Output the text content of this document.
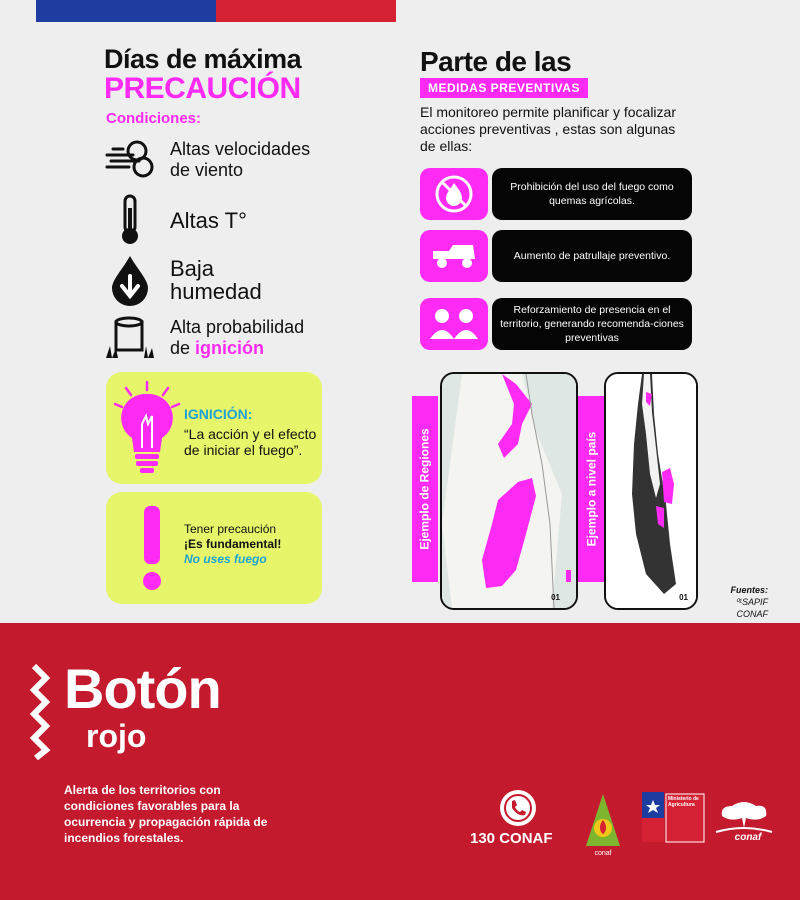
Días de máxima
PRECAUCIÓN
Condiciones:
Altas velocidades
de viento
Altas T°
Baja
humedad
Alta probabilidad
de ignición
IGNICIÓN:
“La acción y el efecto de iniciar el fuego”.
Tener precaución
¡Es fundamental!
No uses fuego
Parte de las
MEDIDAS PREVENTIVAS
El monitoreo permite planificar y focalizar acciones preventivas , estas son algunas de ellas:
Prohibición del uso del fuego como quemas agrícolas.
Aumento de patrullaje preventivo.
Reforzamiento de presencia en el territorio, generando recomenda-ciones preventivas
Ejemplo de Regiones
01
Ejemplo a nivel país
01
Fuentes:
⁰¹SAPIF CONAF
Botón
rojo
Alerta de los territorios con condiciones favorables para la ocurrencia y propagación rápida de incendios forestales.	130 CONAF
conaf
Ministerio de Agricultura
conaf
